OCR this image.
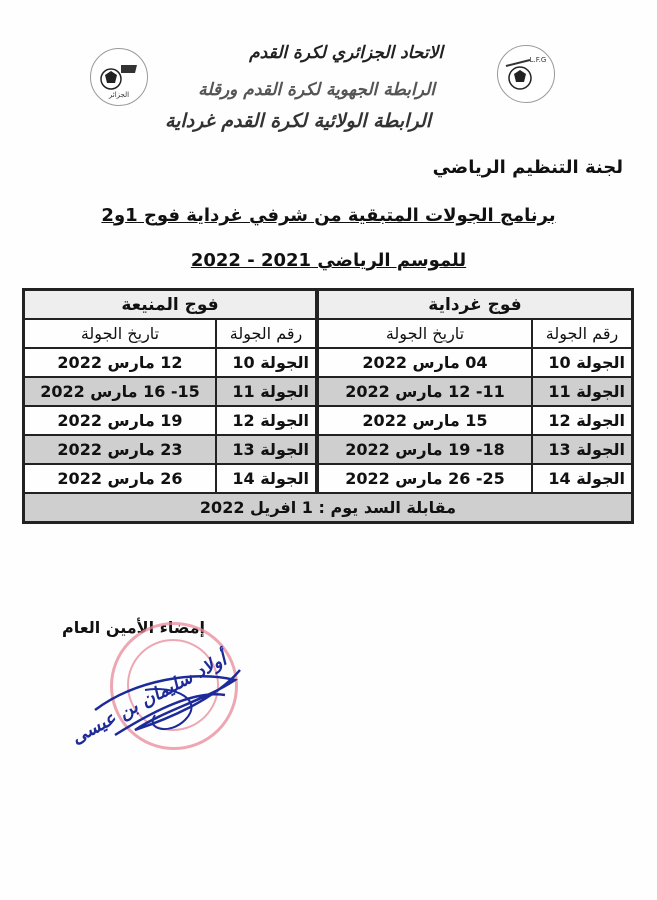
الجزائر
L.F.G
الاتحاد الجزائري لكرة القدم
الرابطة الجهوية لكرة القدم ورقلة
الرابطة الولائية لكرة القدم غرداية
لجنة التنظيم الرياضي
برنامج الجولات المتبقية من شرفي غرداية فوج 1و2
للموسم الرياضي 2021 - 2022
فوج غرداية		فوج المنيعة	
رقم الجولة	تاريخ الجولة	رقم الجولة	تاريخ الجولة
الجولة 10	04 مارس 2022	الجولة 10	12 مارس 2022
الجولة 11	11- 12 مارس 2022	الجولة 11	15- 16 مارس 2022
الجولة 12	15 مارس 2022	الجولة 12	19 مارس 2022
الجولة 13	18- 19 مارس 2022	الجولة 13	23 مارس 2022
الجولة 14	25- 26 مارس 2022	الجولة 14	26 مارس 2022
مقابلة السد يوم : 1 افريل 2022			
إمضاء الأمين العام
أولاد سليمان بن عيسى
